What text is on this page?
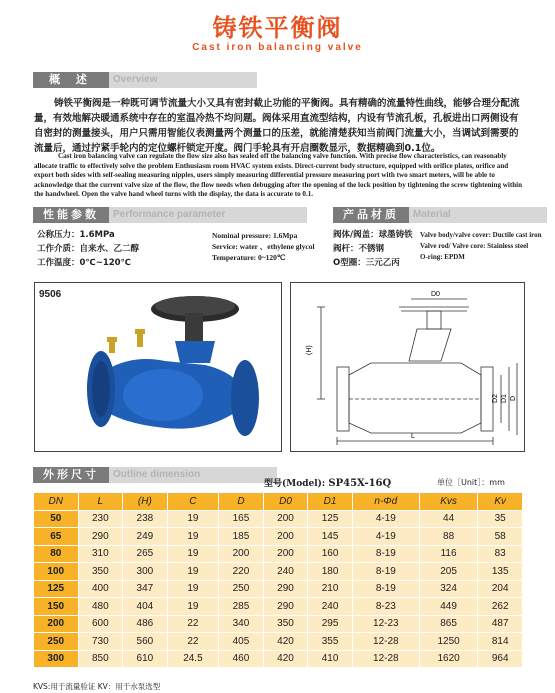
铸铁平衡阀
Cast iron balancing valve
概 述	Overview
铸铁平衡阀是一种既可调节流量大小又具有密封截止功能的平衡阀。具有精确的流量特性曲线，能够合理分配流量，有效地解决暖通系统中存在的室温冷热不均问题。阀体采用直流型结构，内设有节流孔板，孔板进出口两侧设有自密封的测量接头，用户只需用智能仪表测量两个测量口的压差，就能清楚获知当前阀门流量大小，当调试到需要的流量后，通过拧紧手轮内的定位螺杆锁定开度。阀门手轮具有开启圈数显示，数据精确到0.1位。
Cast iron balancing valve can regulate the flow size also has sealed off the balancing valve function. With precise flow characteristics, can reasonably allocate traffic to effectively solve the problem Enthusiasm room HVAC system exists. Direct-current body structure, equipped with orifice plates, orifice and export both sides with self-sealing measuring nipples, users simply measuring differential pressure measuring port with two smart meters, will be able to acknowledge that the current valve size of the flow, the flow needs when debugging after the opening of the lock position by tightening the screw tightening within the handwheel. Open the valve hand wheel turns with the display, the data is accurate to 0.1.
性能参数	Performance parameter
公称压力：1.6MPa
工作介质：自来水、乙二醇
工作温度：0℃~120℃
Nominal pressure: 1.6Mpa
Service: water 、ethylene glycol
Temperature: 0~120℃
产品材质	Material
阀体/阀盖：球墨铸铁
阀杆：不锈钢
O型圈：三元乙丙
Valve body/valve cover: Ductile cast iron
Valve rod/ Valve core: Stainless steel
O-ring: EPDM
9506	D0
(H)
D2 D1 D
L
外形尺寸	Outline dimension
型号(Model): SP45X-16Q	单位［Unit］：mm
DN	L	(H)	C	D	D0	D1	n-Φd	Kvs	Kv
50	230	238	19	165	200	125	4-19	44	35
65	290	249	19	185	200	145	4-19	88	58
80	310	265	19	200	200	160	8-19	116	83
100	350	300	19	220	240	180	8-19	205	135
125	400	347	19	250	290	210	8-19	324	204
150	480	404	19	285	290	240	8-23	449	262
200	600	486	22	340	350	295	12-23	865	487
250	730	560	22	405	420	355	12-28	1250	814
300	850	610	24.5	460	420	410	12-28	1620	964
KVS:用于流量验证 KV：用于水泵选型
